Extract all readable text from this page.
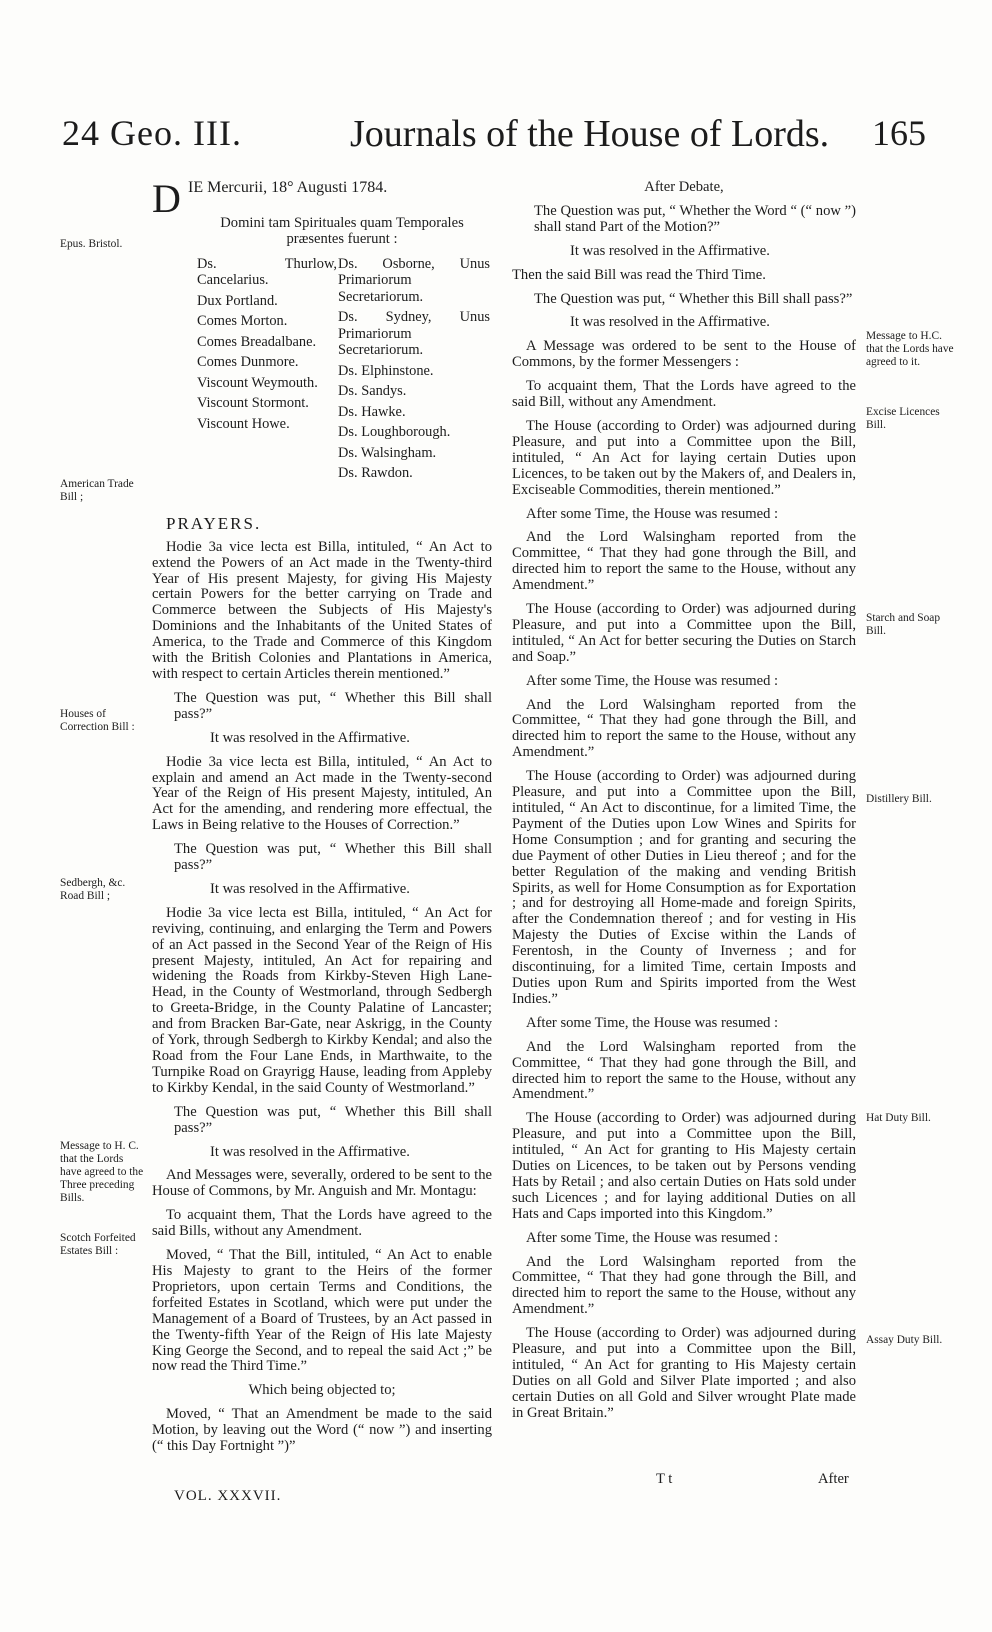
24 Geo. III.	Journals of the House of Lords. 165
Epus. Bristol.
American Trade Bill ;
Houses of Correction Bill :
Sedbergh, &c. Road Bill ;
Message to H. C. that the Lords have agreed to the Three preceding Bills.
Scotch Forfeited Estates Bill :
Message to H.C. that the Lords have agreed to it.
Excise Licences Bill.
Starch and Soap Bill.
Distillery Bill.
Hat Duty Bill.
Assay Duty Bill.

D IE Mercurii, 18° Augusti 1784.

Domini tam Spirituales quam Temporales præsentes fuerunt :

Ds. Thurlow, Cancelarius.
Dux Portland.
Comes Morton.
Comes Breadalbane.
Comes Dunmore.
Viscount Weymouth.
Viscount Stormont.
Viscount Howe.
Ds. Osborne, Unus Primariorum Secretariorum.
Ds. Sydney, Unus Primariorum Secretariorum.
Ds. Elphinstone.
Ds. Sandys.
Ds. Hawke.
Ds. Loughborough.
Ds. Walsingham.
Ds. Rawdon.

PRAYERS.

Hodie 3a vice lecta est Billa, intituled, “ An Act to extend the Powers of an Act made in the Twenty-third Year of His present Majesty, for giving His Majesty certain Powers for the better carrying on Trade and Commerce between the Subjects of His Majesty's Dominions and the Inhabitants of the United States of America, to the Trade and Commerce of this Kingdom with the British Colonies and Plantations in America, with respect to certain Articles therein mentioned.”

The Question was put, “ Whether this Bill shall pass?”

It was resolved in the Affirmative.

Hodie 3a vice lecta est Billa, intituled, “ An Act to explain and amend an Act made in the Twenty-second Year of the Reign of His present Majesty, intituled, An Act for the amending, and rendering more effectual, the Laws in Being relative to the Houses of Correction.”

The Question was put, “ Whether this Bill shall pass?”

It was resolved in the Affirmative.

Hodie 3a vice lecta est Billa, intituled, “ An Act for reviving, continuing, and enlarging the Term and Powers of an Act passed in the Second Year of the Reign of His present Majesty, intituled, An Act for repairing and widening the Roads from Kirkby-Steven High Lane-Head, in the County of Westmorland, through Sedbergh to Greeta-Bridge, in the County Palatine of Lancaster; and from Bracken Bar-Gate, near Askrigg, in the County of York, through Sedbergh to Kirkby Kendal; and also the Road from the Four Lane Ends, in Marthwaite, to the Turnpike Road on Grayrigg Hause, leading from Appleby to Kirkby Kendal, in the said County of Westmorland.”

The Question was put, “ Whether this Bill shall pass?”

It was resolved in the Affirmative.

And Messages were, severally, ordered to be sent to the House of Commons, by Mr. Anguish and Mr. Montagu:

To acquaint them, That the Lords have agreed to the said Bills, without any Amendment.

Moved, “ That the Bill, intituled, “ An Act to enable His Majesty to grant to the Heirs of the former Proprietors, upon certain Terms and Conditions, the forfeited Estates in Scotland, which were put under the Management of a Board of Trustees, by an Act passed in the Twenty-fifth Year of the Reign of His late Majesty King George the Second, and to repeal the said Act ;” be now read the Third Time.”

Which being objected to;

Moved, “ That an Amendment be made to the said Motion, by leaving out the Word (“ now ”) and inserting (“ this Day Fortnight ”)”

After Debate,

The Question was put, “ Whether the Word “ (“ now ”) shall stand Part of the Motion?”

It was resolved in the Affirmative.

Then the said Bill was read the Third Time.

The Question was put, “ Whether this Bill shall pass?”

It was resolved in the Affirmative.

A Message was ordered to be sent to the House of Commons, by the former Messengers :

To acquaint them, That the Lords have agreed to the said Bill, without any Amendment.

The House (according to Order) was adjourned during Pleasure, and put into a Committee upon the Bill, intituled, “ An Act for laying certain Duties upon Licences, to be taken out by the Makers of, and Dealers in, Exciseable Commodities, therein mentioned.”

After some Time, the House was resumed :

And the Lord Walsingham reported from the Committee, “ That they had gone through the Bill, and directed him to report the same to the House, without any Amendment.”

The House (according to Order) was adjourned during Pleasure, and put into a Committee upon the Bill, intituled, “ An Act for better securing the Duties on Starch and Soap.”

After some Time, the House was resumed :

And the Lord Walsingham reported from the Committee, “ That they had gone through the Bill, and directed him to report the same to the House, without any Amendment.”

The House (according to Order) was adjourned during Pleasure, and put into a Committee upon the Bill, intituled, “ An Act to discontinue, for a limited Time, the Payment of the Duties upon Low Wines and Spirits for Home Consumption ; and for granting and securing the due Payment of other Duties in Lieu thereof ; and for the better Regulation of the making and vending British Spirits, as well for Home Consumption as for Exportation ; and for destroying all Home-made and foreign Spirits, after the Condemnation thereof ; and for vesting in His Majesty the Duties of Excise within the Lands of Ferentosh, in the County of Inverness ; and for discontinuing, for a limited Time, certain Imposts and Duties upon Rum and Spirits imported from the West Indies.”

After some Time, the House was resumed :

And the Lord Walsingham reported from the Committee, “ That they had gone through the Bill, and directed him to report the same to the House, without any Amendment.”

The House (according to Order) was adjourned during Pleasure, and put into a Committee upon the Bill, intituled, “ An Act for granting to His Majesty certain Duties on Licences, to be taken out by Persons vending Hats by Retail ; and also certain Duties on Hats sold under such Licences ; and for laying additional Duties on all Hats and Caps imported into this Kingdom.”

After some Time, the House was resumed :

And the Lord Walsingham reported from the Committee, “ That they had gone through the Bill, and directed him to report the same to the House, without any Amendment.”

The House (according to Order) was adjourned during Pleasure, and put into a Committee upon the Bill, intituled, “ An Act for granting to His Majesty certain Duties on all Gold and Silver Plate imported ; and also certain Duties on all Gold and Silver wrought Plate made in Great Britain.”

VOL. XXXVII.
T t	After
